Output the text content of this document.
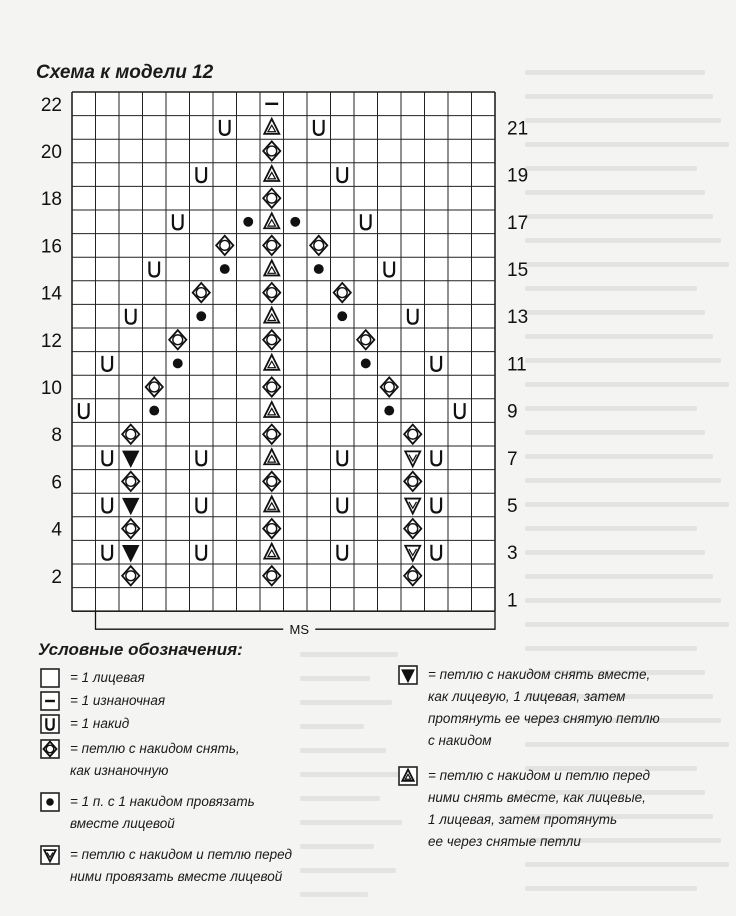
Схема к модели 12
22
20
18
16
14
12
10
8
6
4
2
21
19
17
15
13
11
9
7
5
3
1
MS
Условные обозначения:
= 1 лицевая
= 1 изнаночная
= 1 накид
= петлю с накидом снять,
как изнаночную
= 1 п. с 1 накидом провязать
вместе лицевой
= петлю с накидом и петлю перед
ними провязать вместе лицевой
= петлю с накидом снять вместе,
как лицевую, 1 лицевая, затем
протянуть ее через снятую петлю
с накидом
= петлю с накидом и петлю перед
ними снять вместе, как лицевые,
1 лицевая, затем протянуть
ее через снятые петли
